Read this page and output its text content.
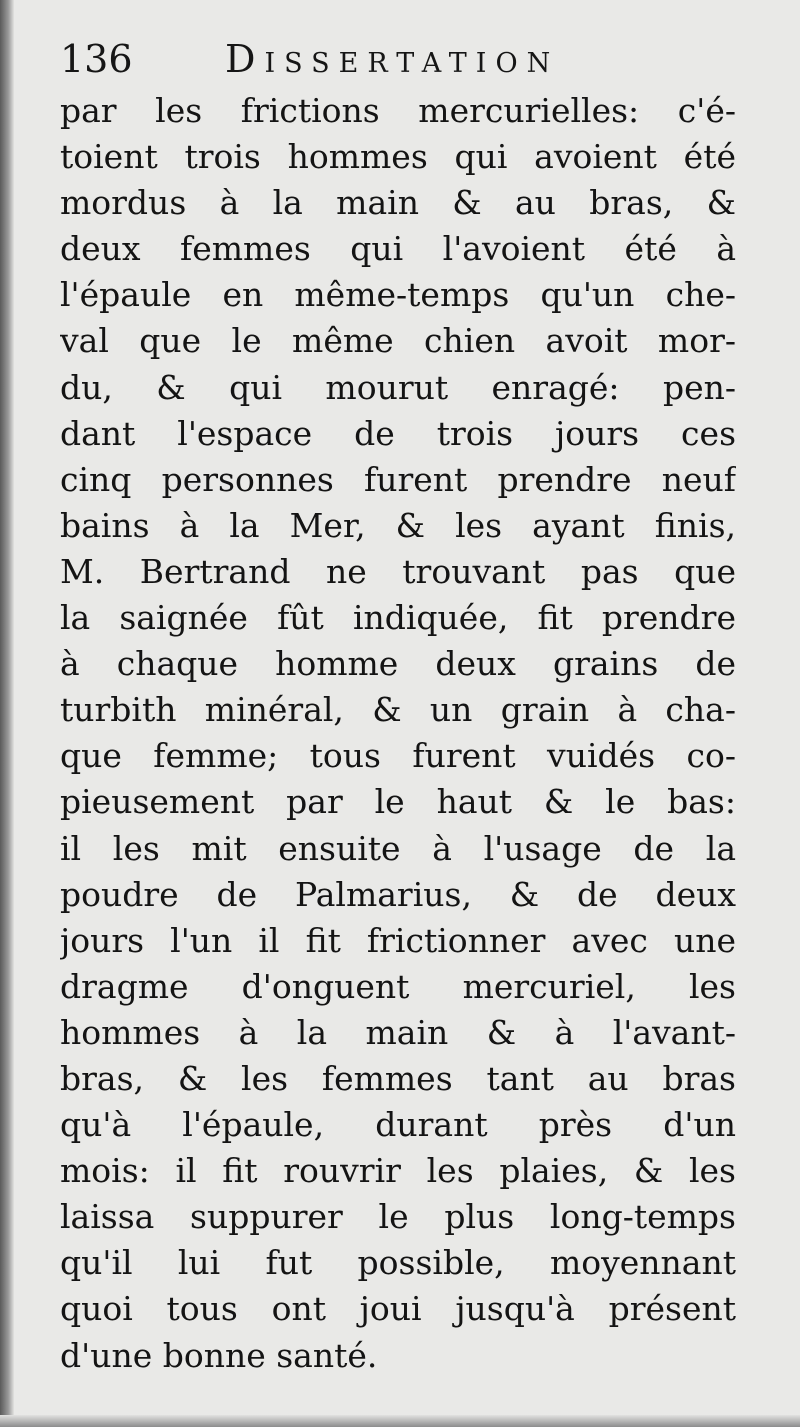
136 Dissertation
par les frictions mercurielles: c'é-
toient trois hommes qui avoient été
mordus à la main & au bras, &
deux femmes qui l'avoient été à
l'épaule en même-temps qu'un che-
val que le même chien avoit mor-
du, & qui mourut enragé: pen-
dant l'espace de trois jours ces
cinq personnes furent prendre neuf
bains à la Mer, & les ayant finis,
M. Bertrand ne trouvant pas que
la saignée fût indiquée, fit prendre
à chaque homme deux grains de
turbith minéral, & un grain à cha-
que femme; tous furent vuidés co-
pieusement par le haut & le bas:
il les mit ensuite à l'usage de la
poudre de Palmarius, & de deux
jours l'un il fit frictionner avec une
dragme d'onguent mercuriel, les
hommes à la main & à l'avant-
bras, & les femmes tant au bras
qu'à l'épaule, durant près d'un
mois: il fit rouvrir les plaies, & les
laissa suppurer le plus long-temps
qu'il lui fut possible, moyennant
quoi tous ont joui jusqu'à présent
d'une bonne santé.
